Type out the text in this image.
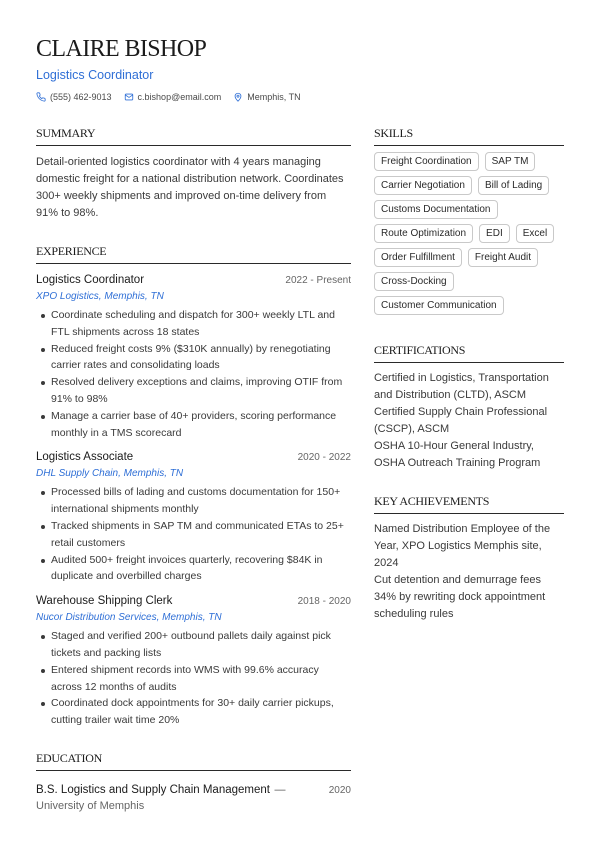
CLAIRE BISHOP
Logistics Coordinator
(555) 462-9013	c.bishop@email.com	Memphis, TN
SUMMARY
Detail-oriented logistics coordinator with 4 years managing domestic freight for a national distribution network. Coordinates 300+ weekly shipments and improved on-time delivery from 91% to 98%.
EXPERIENCE
Logistics Coordinator	2022 - Present
XPO Logistics, Memphis, TN
Coordinate scheduling and dispatch for 300+ weekly LTL and FTL shipments across 18 states
Reduced freight costs 9% ($310K annually) by renegotiating carrier rates and consolidating loads
Resolved delivery exceptions and claims, improving OTIF from 91% to 98%
Manage a carrier base of 40+ providers, scoring performance monthly in a TMS scorecard
Logistics Associate	2020 - 2022
DHL Supply Chain, Memphis, TN
Processed bills of lading and customs documentation for 150+ international shipments monthly
Tracked shipments in SAP TM and communicated ETAs to 25+ retail customers
Audited 500+ freight invoices quarterly, recovering $84K in duplicate and overbilled charges
Warehouse Shipping Clerk	2018 - 2020
Nucor Distribution Services, Memphis, TN
Staged and verified 200+ outbound pallets daily against pick tickets and packing lists
Entered shipment records into WMS with 99.6% accuracy across 12 months of audits
Coordinated dock appointments for 30+ daily carrier pickups, cutting trailer wait time 20%
EDUCATION
B.S. Logistics and Supply Chain Management —	2020
University of Memphis
SKILLS
Freight Coordination	SAP TM
Carrier Negotiation	Bill of Lading
Customs Documentation
Route Optimization	EDI	Excel
Order Fulfillment	Freight Audit
Cross-Docking
Customer Communication
CERTIFICATIONS
Certified in Logistics, Transportation and Distribution (CLTD), ASCM
Certified Supply Chain Professional (CSCP), ASCM
OSHA 10-Hour General Industry, OSHA Outreach Training Program
KEY ACHIEVEMENTS
Named Distribution Employee of the Year, XPO Logistics Memphis site, 2024
Cut detention and demurrage fees 34% by rewriting dock appointment scheduling rules
